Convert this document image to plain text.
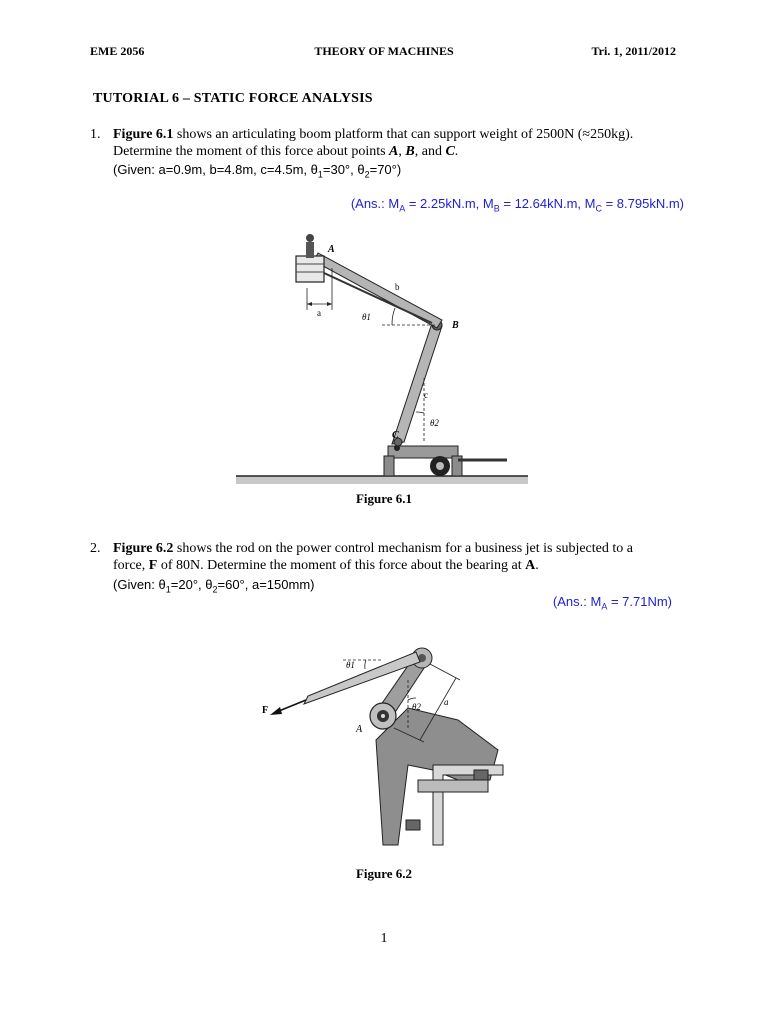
EME 2056	THEORY OF MACHINES	Tri. 1, 2011/2012
TUTORIAL 6 – STATIC FORCE ANALYSIS
1. Figure 6.1 shows an articulating boom platform that can support weight of 2500N (≈250kg).
Determine the moment of this force about points A, B, and C.
(Given: a=0.9m, b=4.8m, c=4.5m, $\theta_1=30^\circ$, $\theta_2=70^\circ$)
(Ans.: $M_A = 2.25kN.m$, $M_B = 12.64kN.m$, $M_C = 8.795kN.m$)
A
B
C
a
b
c
θ1
θ2
Figure 6.1
2. Figure 6.2 shows the rod on the power control mechanism for a business jet is subjected to a
force, F of 80N. Determine the moment of this force about the bearing at A.
(Given: $\theta_1=20^\circ$, $\theta_2=60^\circ$, a=150mm)
(Ans.: $M_A = 7.71Nm$)
F
A
a
θ1
θ2
Figure 6.2
1
